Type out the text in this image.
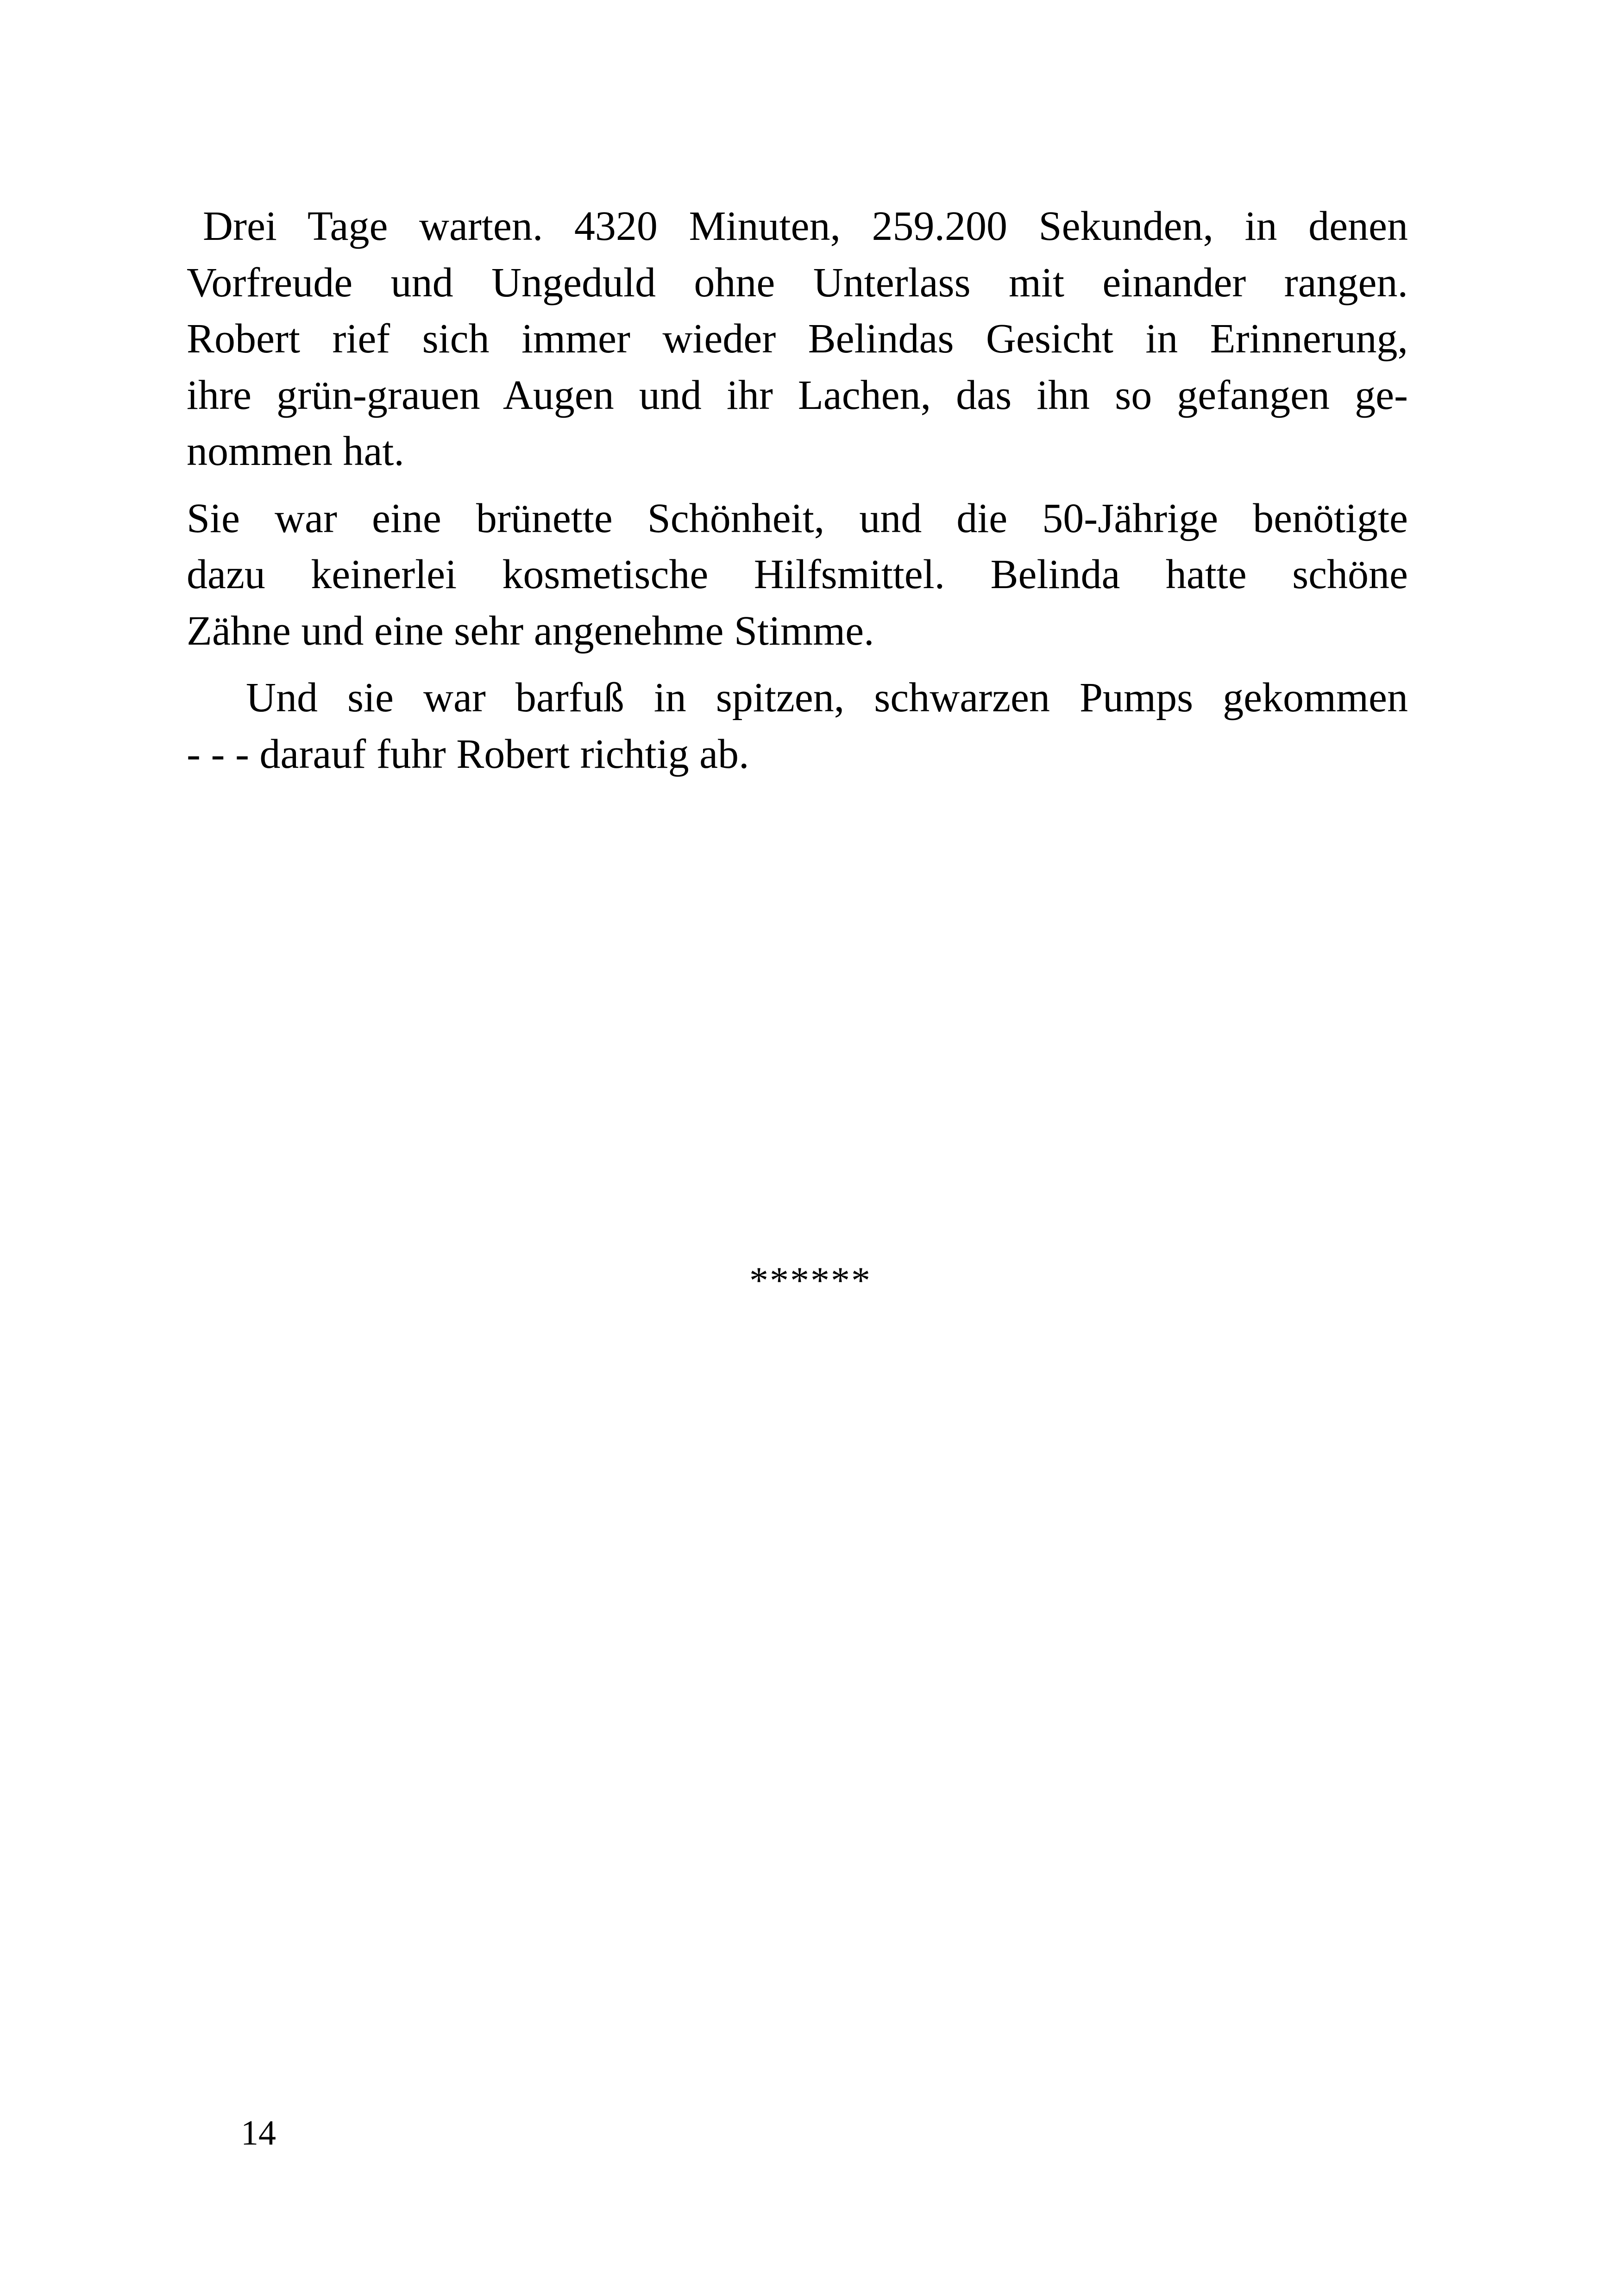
Drei Tage warten. 4320 Minuten, 259.200 Sekunden, in denen
Vorfreude und Ungeduld ohne Unterlass mit einander rangen.
Robert rief sich immer wieder Belindas Gesicht in Erinnerung,
ihre grün-grauen Augen und ihr Lachen, das ihn so gefangen ge-
nommen hat.

Sie war eine brünette Schönheit, und die 50-Jährige benötigte
dazu keinerlei kosmetische Hilfsmittel. Belinda hatte schöne
Zähne und eine sehr angenehme Stimme.

Und sie war barfuß in spitzen, schwarzen Pumps gekommen
- - - darauf fuhr Robert richtig ab.

******
14
